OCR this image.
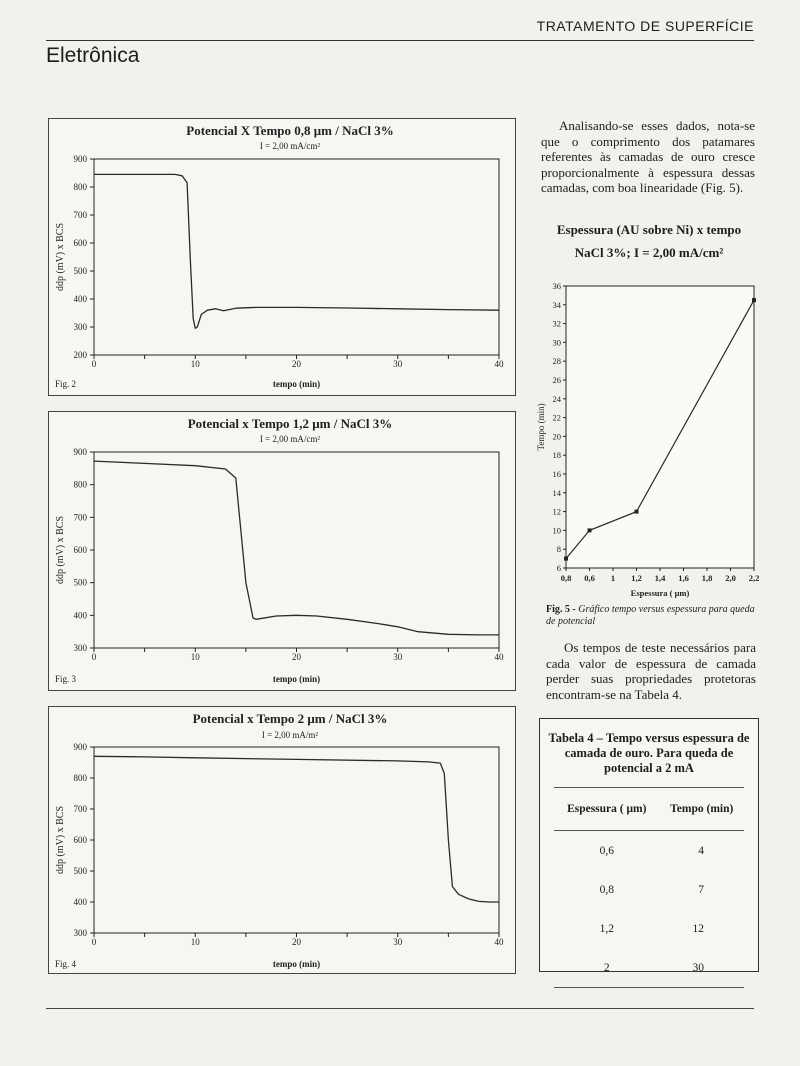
TRATAMENTO DE SUPERFÍCIE
Eletrônica
Potencial X Tempo 0,8 μm / NaCl 3%
I = 2,00 mA/cm²
200
300
400
500
600
700
800
900
0	10	20	30	40
tempo (min)
ddp (mV) x BCS
Fig. 2
Potencial x Tempo 1,2 μm / NaCl 3%
I = 2,00 mA/cm²
300
400
500
600
700
800
900
0	10	20	30	40
tempo (min)
ddp (mV) x BCS
Fig. 3
Potencial x Tempo 2 μm / NaCl 3%
I = 2,00 mA/m²
300
400
500
600
700
800
900
0	10	20	30	40
tempo (min)
ddp (mV) x BCS
Fig. 4

Analisando-se esses dados, nota-se que o comprimento dos patamares referentes às camadas de ouro cresce proporcionalmente à espessura dessas camadas, com boa linearidade (Fig. 5).

Espessura (AU sobre Ni) x tempo
NaCl 3%; I = 2,00 mA/cm²
6
8
10
12
14
16
18
20
22
24
26
28
30
32
34
36
0,8 0,6 1 1,2 1,4 1,6 1,8 2,0 2,2
Espessura ( μm)
Tempo (min)
Fig. 5 - Gráfico tempo versus espessura para queda de potencial

Os tempos de teste necessários para cada valor de espessura de camada perder suas propriedades protetoras encontram-se na Tabela 4.

Tabela 4 – Tempo versus espessura de camada de ouro. Para queda de potencial a 2 mA
Espessura ( μm)	Tempo (min)
0,6	4
0,8	7
1,2	12
2	30
